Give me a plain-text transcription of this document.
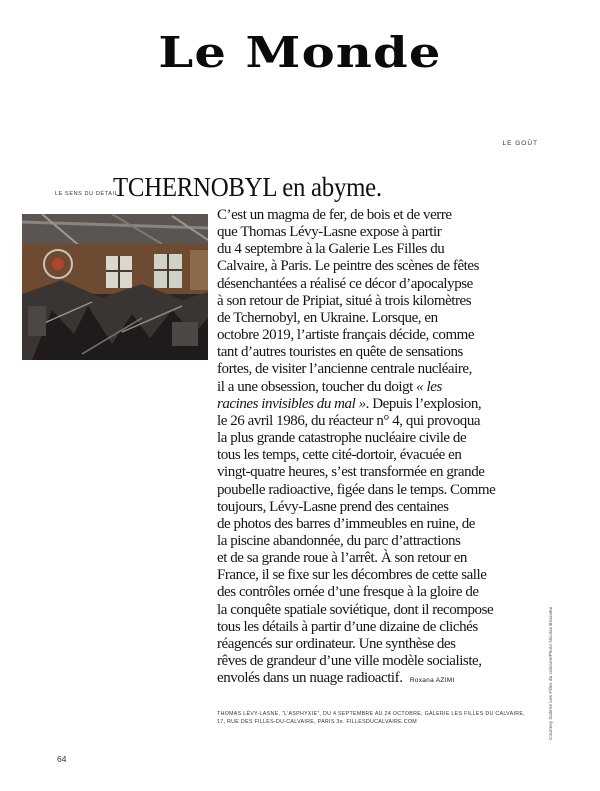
Le Monde
LE GOÛT
LE SENS DU DÉTAIL
TCHERNOBYL en abyme.
C’est un magma de fer, de bois et de verre
que Thomas Lévy-Lasne expose à partir
du 4 septembre à la Galerie Les Filles du
Calvaire, à Paris. Le peintre des scènes de fêtes
désenchantées a réalisé ce décor d’apocalypse
à son retour de Pripiat, situé à trois kilomètres
de Tchernobyl, en Ukraine. Lorsque, en
octobre 2019, l’artiste français décide, comme
tant d’autres touristes en quête de sensations
fortes, de visiter l’ancienne centrale nucléaire,
il a une obsession, toucher du doigt « les
racines invisibles du mal ». Depuis l’explosion,
le 26 avril 1986, du réacteur n° 4, qui provoqua
la plus grande catastrophe nucléaire civile de
tous les temps, cette cité-dortoir, évacuée en
vingt-quatre heures, s’est transformée en grande
poubelle radioactive, figée dans le temps. Comme
toujours, Lévy-Lasne prend des centaines
de photos des barres d’immeubles en ruine, de
la piscine abandonnée, du parc d’attractions
et de sa grande roue à l’arrêt. À son retour en
France, il se fixe sur les décombres de cette salle
des contrôles ornée d’une fresque à la gloire de
la conquête spatiale soviétique, dont il recompose
tous les détails à partir d’une dizaine de clichés
réagencés sur ordinateur. Une synthèse des
rêves de grandeur d’une ville modèle socialiste,
envolés dans un nuage radioactif. Roxana AZIMI
THOMAS LÉVY-LASNE, “L’ASPHYXIE”, DU 4 SEPTEMBRE AU 24 OCTOBRE, GALERIE LES FILLES DU CALVAIRE,
17, RUE DES FILLES-DU-CALVAIRE, PARIS 3e. FILLESDUCALVAIRE.COM	Courtesy Galerie Les Filles du calvaire/Photo Nicolas Brasseur
64
